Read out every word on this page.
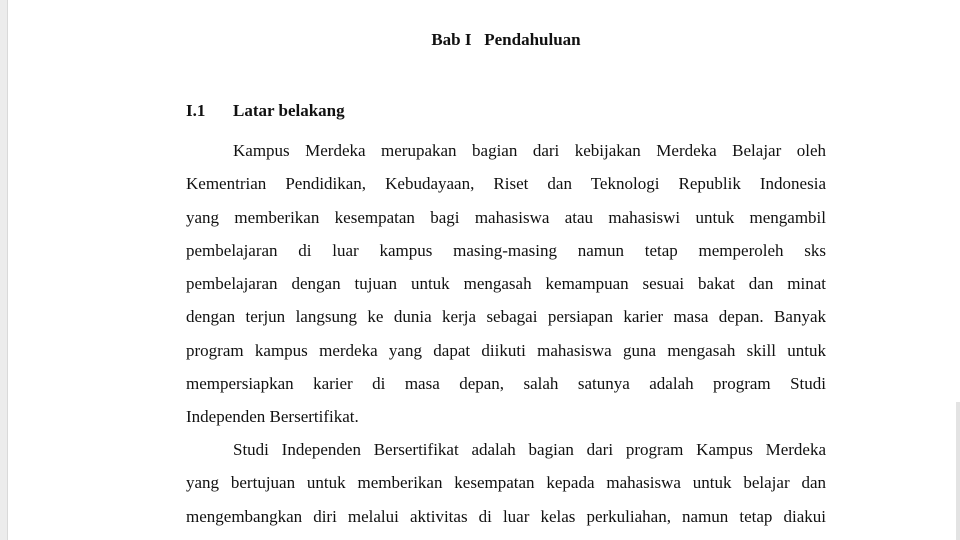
Bab I   Pendahuluan
I.1 Latar belakang
Kampus Merdeka merupakan bagian dari kebijakan Merdeka Belajar oleh
Kementrian Pendidikan, Kebudayaan, Riset dan Teknologi Republik Indonesia
yang memberikan kesempatan bagi mahasiswa atau mahasiswi untuk mengambil
pembelajaran di luar kampus masing-masing namun tetap memperoleh sks
pembelajaran dengan tujuan untuk mengasah kemampuan sesuai bakat dan minat
dengan terjun langsung ke dunia kerja sebagai persiapan karier masa depan. Banyak
program kampus merdeka yang dapat diikuti mahasiswa guna mengasah skill untuk
mempersiapkan karier di masa depan, salah satunya adalah program Studi
Independen Bersertifikat.
Studi Independen Bersertifikat adalah bagian dari program Kampus Merdeka
yang bertujuan untuk memberikan kesempatan kepada mahasiswa untuk belajar dan
mengembangkan diri melalui aktivitas di luar kelas perkuliahan, namun tetap diakui
